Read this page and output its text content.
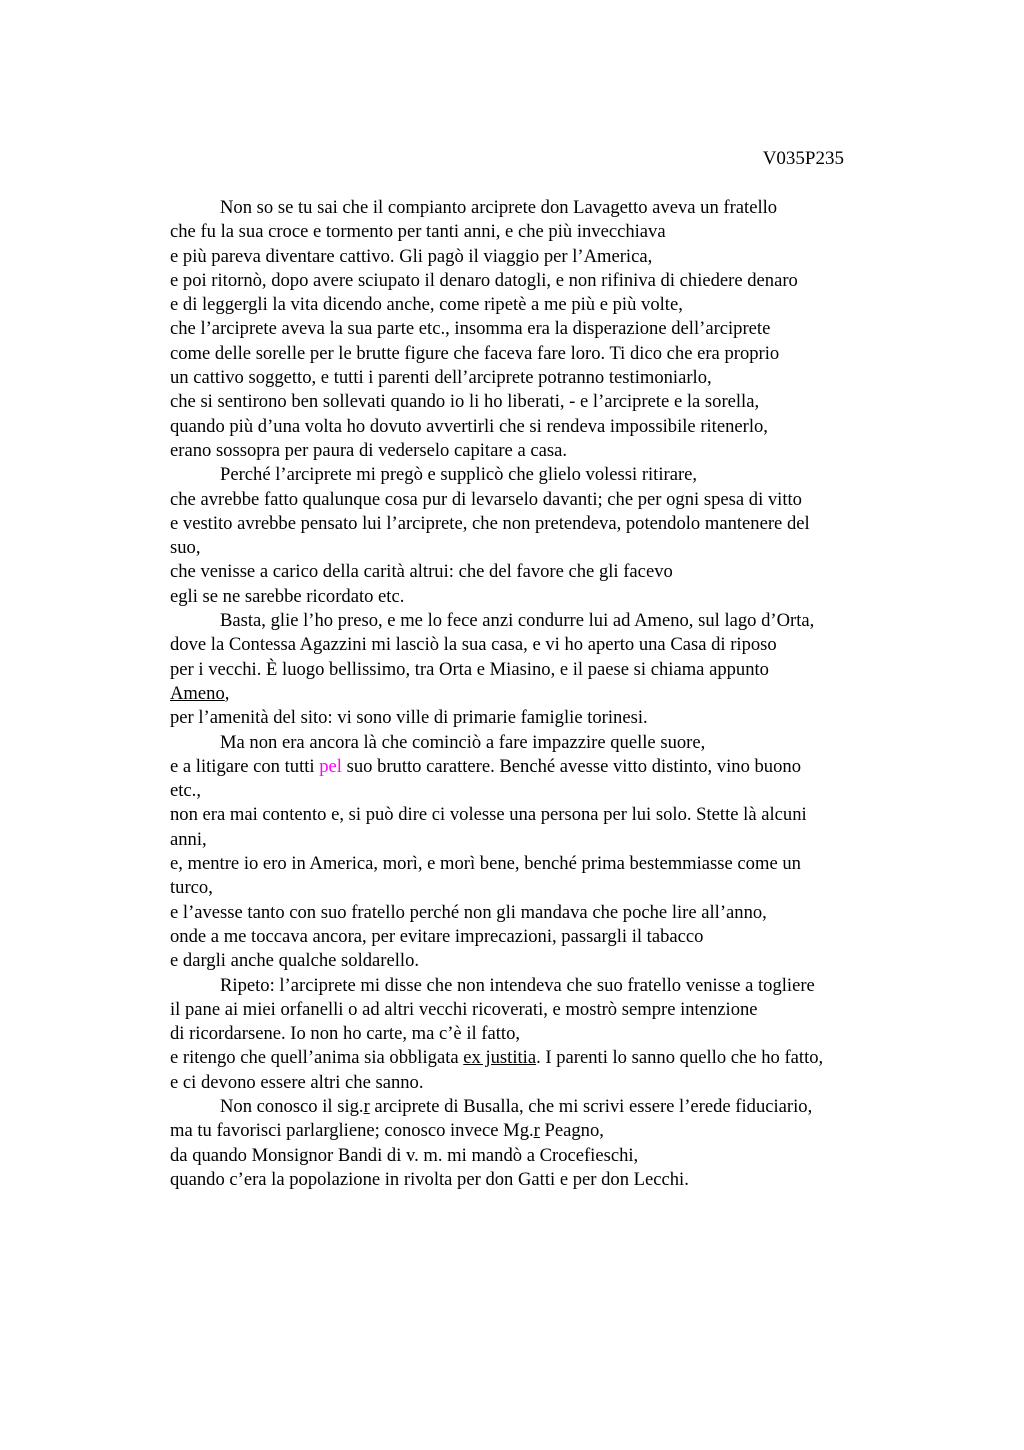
V035P235
Non so se tu sai che il compianto arciprete don Lavagetto aveva un fratello
che fu la sua croce e tormento per tanti anni, e che più invecchiava
e più pareva diventare cattivo. Gli pagò il viaggio per l’America,
e poi ritornò, dopo avere sciupato il denaro datogli, e non rifiniva di chiedere denaro
e di leggergli la vita dicendo anche, come ripetè a me più e più volte,
che l’arciprete aveva la sua parte etc., insomma era la disperazione dell’arciprete
come delle sorelle per le brutte figure che faceva fare loro. Ti dico che era proprio
un cattivo soggetto, e tutti i parenti dell’arciprete potranno testimoniarlo,
che si sentirono ben sollevati quando io li ho liberati, - e l’arciprete e la sorella,
quando più d’una volta ho dovuto avvertirli che si rendeva impossibile ritenerlo,
erano sossopra per paura di vederselo capitare a casa.
Perché l’arciprete mi pregò e supplicò che glielo volessi ritirare,
che avrebbe fatto qualunque cosa pur di levarselo davanti; che per ogni spesa di vitto
e vestito avrebbe pensato lui l’arciprete, che non pretendeva, potendolo mantenere del
suo,
che venisse a carico della carità altrui: che del favore che gli facevo
egli se ne sarebbe ricordato etc.
Basta, glie l’ho preso, e me lo fece anzi condurre lui ad Ameno, sul lago d’Orta,
dove la Contessa Agazzini mi lasciò la sua casa, e vi ho aperto una Casa di riposo
per i vecchi. È luogo bellissimo, tra Orta e Miasino, e il paese si chiama appunto
Ameno,
per l’amenità del sito: vi sono ville di primarie famiglie torinesi.
Ma non era ancora là che cominciò a fare impazzire quelle suore,
e a litigare con tutti pel suo brutto carattere. Benché avesse vitto distinto, vino buono
etc.,
non era mai contento e, si può dire ci volesse una persona per lui solo. Stette là alcuni
anni,
e, mentre io ero in America, morì, e morì bene, benché prima bestemmiasse come un
turco,
e l’avesse tanto con suo fratello perché non gli mandava che poche lire all’anno,
onde a me toccava ancora, per evitare imprecazioni, passargli il tabacco
e dargli anche qualche soldarello.
Ripeto: l’arciprete mi disse che non intendeva che suo fratello venisse a togliere
il pane ai miei orfanelli o ad altri vecchi ricoverati, e mostrò sempre intenzione
di ricordarsene. Io non ho carte, ma c’è il fatto,
e ritengo che quell’anima sia obbligata ex justitia. I parenti lo sanno quello che ho fatto,
e ci devono essere altri che sanno.
Non conosco il sig.r arciprete di Busalla, che mi scrivi essere l’erede fiduciario,
ma tu favorisci parlargliene; conosco invece Mg.r Peagno,
da quando Monsignor Bandi di v. m. mi mandò a Crocefieschi,
quando c’era la popolazione in rivolta per don Gatti e per don Lecchi.
